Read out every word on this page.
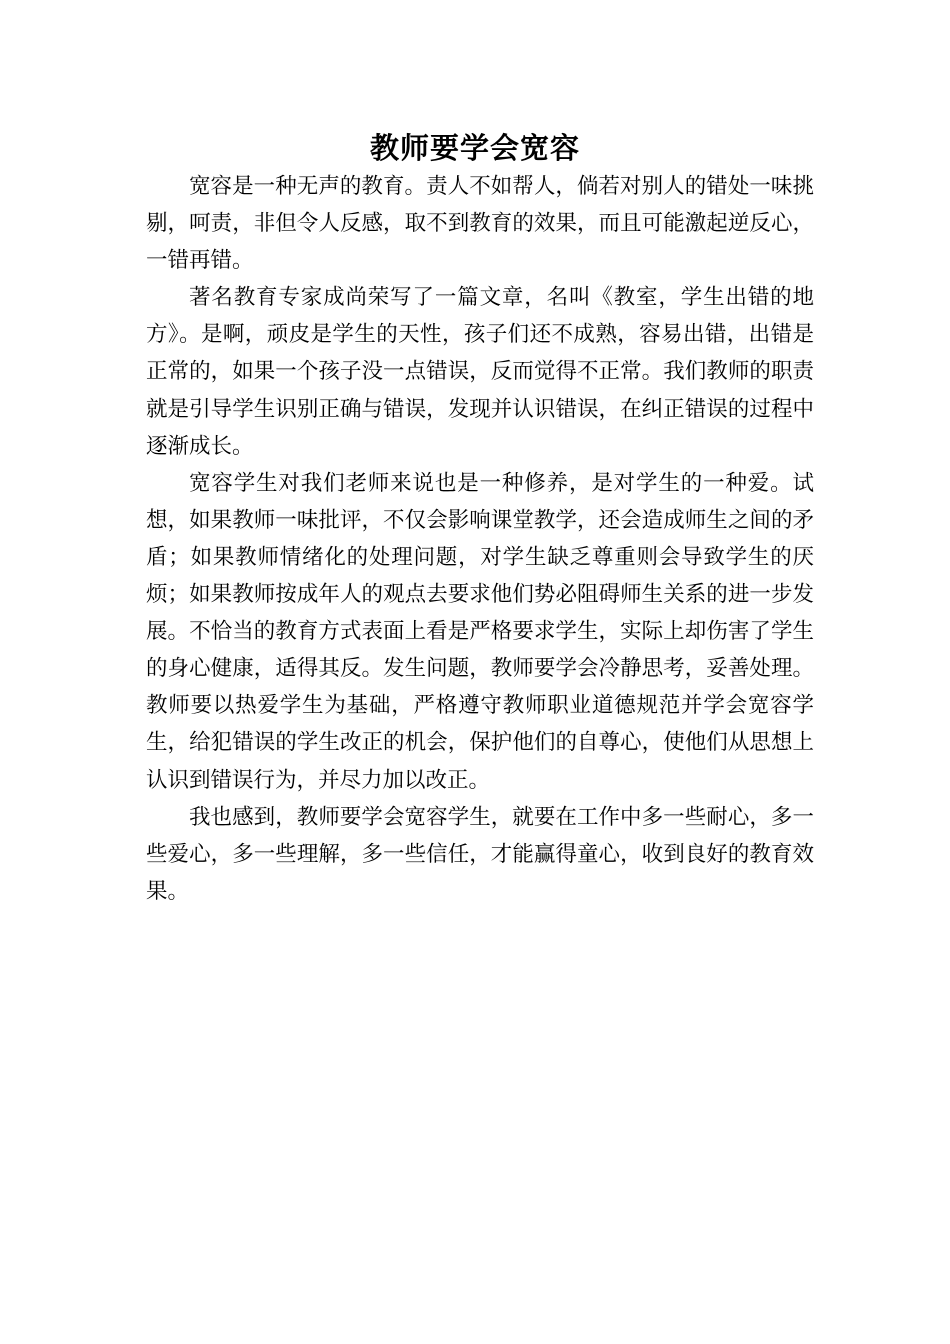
教师要学会宽容

宽容是一种无声的教育。责人不如帮人，倘若对别人的错处一味挑剔，呵责，非但令人反感，取不到教育的效果，而且可能激起逆反心，一错再错。

著名教育专家成尚荣写了一篇文章，名叫《教室，学生出错的地方》。是啊，顽皮是学生的天性，孩子们还不成熟，容易出错，出错是正常的，如果一个孩子没一点错误，反而觉得不正常。我们教师的职责就是引导学生识别正确与错误，发现并认识错误，在纠正错误的过程中逐渐成长。

宽容学生对我们老师来说也是一种修养，是对学生的一种爱。试想，如果教师一味批评，不仅会影响课堂教学，还会造成师生之间的矛盾；如果教师情绪化的处理问题，对学生缺乏尊重则会导致学生的厌烦；如果教师按成年人的观点去要求他们势必阻碍师生关系的进一步发展。不恰当的教育方式表面上看是严格要求学生，实际上却伤害了学生的身心健康，适得其反。发生问题，教师要学会冷静思考，妥善处理。教师要以热爱学生为基础，严格遵守教师职业道德规范并学会宽容学生，给犯错误的学生改正的机会，保护他们的自尊心，使他们从思想上认识到错误行为，并尽力加以改正。

我也感到，教师要学会宽容学生，就要在工作中多一些耐心，多一些爱心，多一些理解，多一些信任，才能赢得童心，收到良好的教育效果。
